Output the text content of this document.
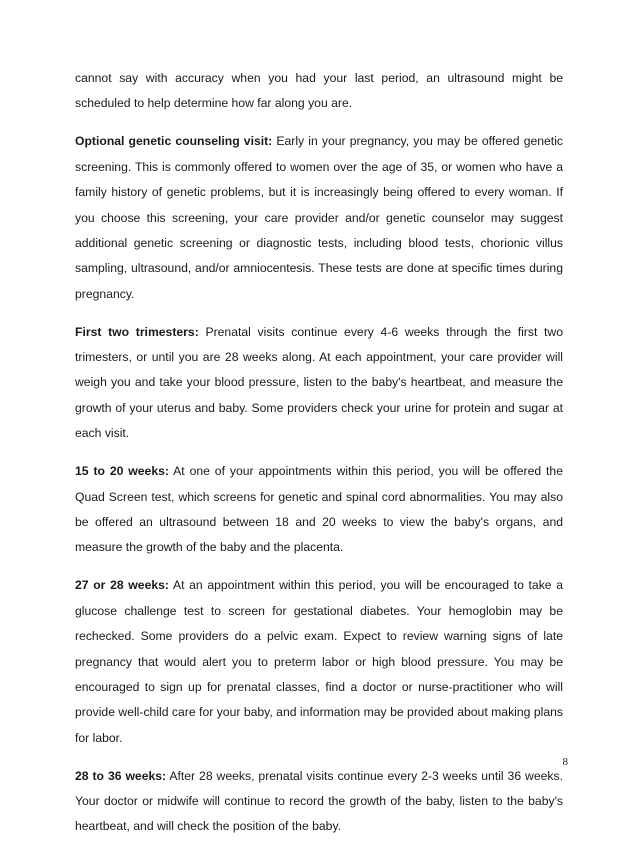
cannot say with accuracy when you had your last period, an ultrasound might be scheduled to help determine how far along you are.

Optional genetic counseling visit: Early in your pregnancy, you may be offered genetic screening. This is commonly offered to women over the age of 35, or women who have a family history of genetic problems, but it is increasingly being offered to every woman. If you choose this screening, your care provider and/or genetic counselor may suggest additional genetic screening or diagnostic tests, including blood tests, chorionic villus sampling, ultrasound, and/or amniocentesis. These tests are done at specific times during pregnancy.

First two trimesters: Prenatal visits continue every 4-6 weeks through the first two trimesters, or until you are 28 weeks along. At each appointment, your care provider will weigh you and take your blood pressure, listen to the baby's heartbeat, and measure the growth of your uterus and baby. Some providers check your urine for protein and sugar at each visit.

15 to 20 weeks: At one of your appointments within this period, you will be offered the Quad Screen test, which screens for genetic and spinal cord abnormalities. You may also be offered an ultrasound between 18 and 20 weeks to view the baby's organs, and measure the growth of the baby and the placenta.

27 or 28 weeks: At an appointment within this period, you will be encouraged to take a glucose challenge test to screen for gestational diabetes. Your hemoglobin may be rechecked. Some providers do a pelvic exam. Expect to review warning signs of late pregnancy that would alert you to preterm labor or high blood pressure. You may be encouraged to sign up for prenatal classes, find a doctor or nurse-practitioner who will provide well-child care for your baby, and information may be provided about making plans for labor.

28 to 36 weeks: After 28 weeks, prenatal visits continue every 2-3 weeks until 36 weeks. Your doctor or midwife will continue to record the growth of the baby, listen to the baby's heartbeat, and will check the position of the baby.

8
